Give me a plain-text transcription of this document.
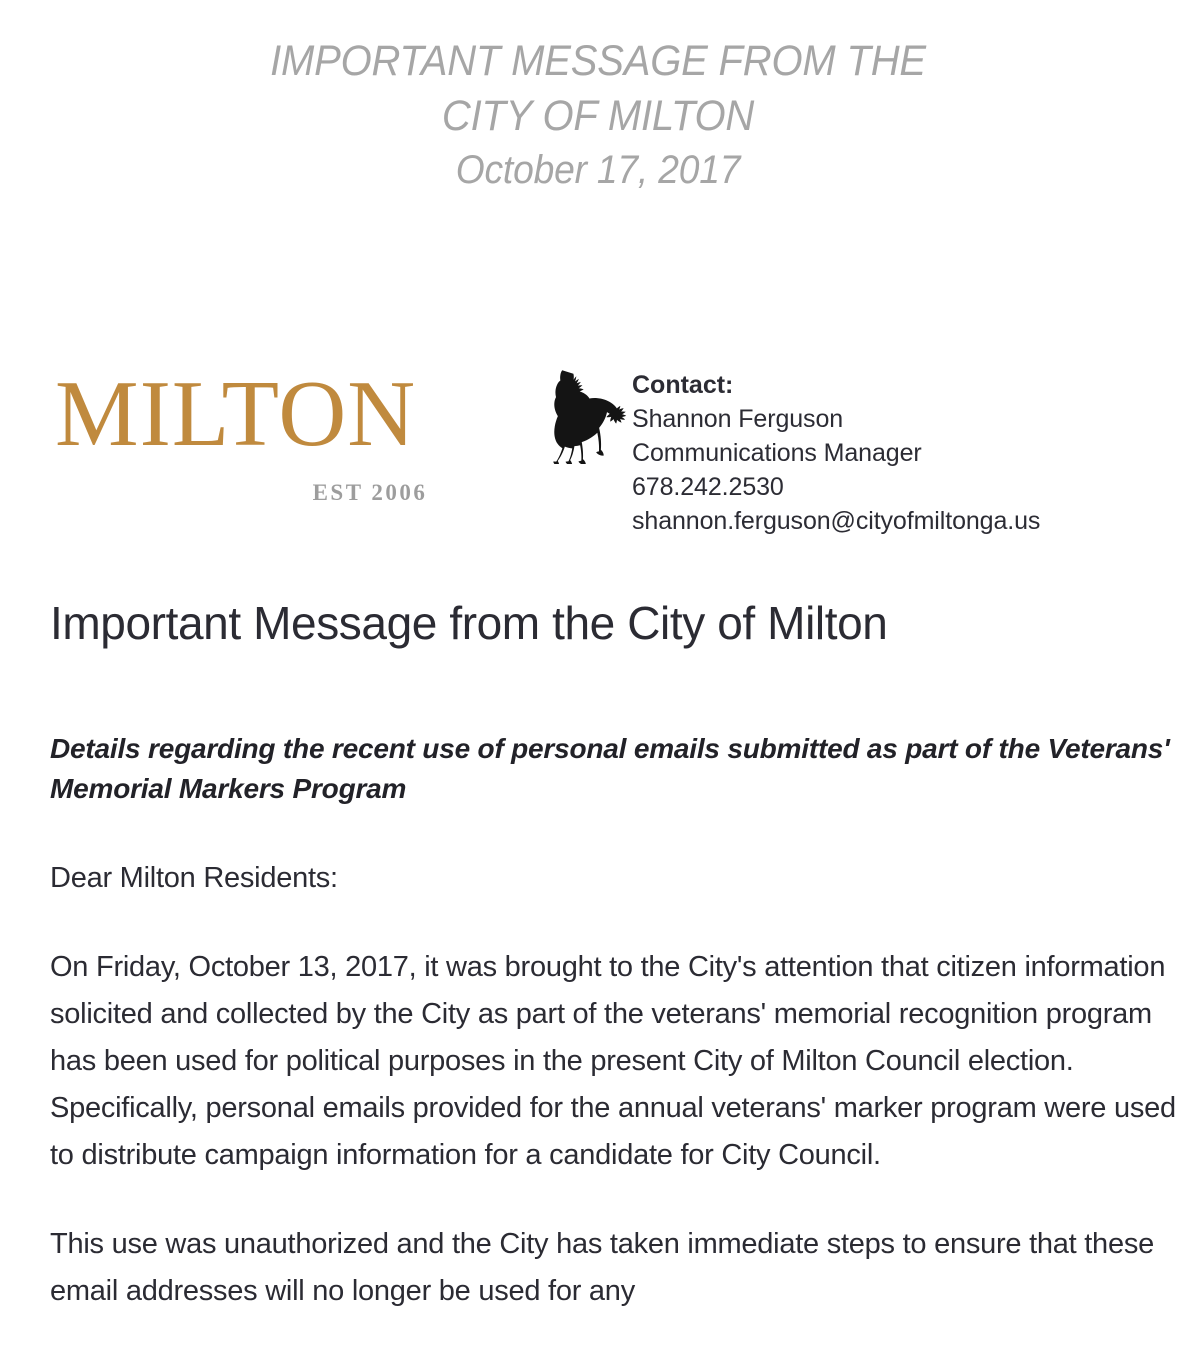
IMPORTANT MESSAGE FROM THE
CITY OF MILTON
October 17, 2017
MILTON
EST 2006
Contact:
Shannon Ferguson
Communications Manager
678.242.2530
shannon.ferguson@cityofmiltonga.us
Important Message from the City of Milton

Details regarding the recent use of personal emails submitted as part of the Veterans' Memorial Markers Program

Dear Milton Residents:

On Friday, October 13, 2017, it was brought to the City's attention that citizen information solicited and collected by the City as part of the veterans' memorial recognition program has been used for political purposes in the present City of Milton Council election. Specifically, personal emails provided for the annual veterans' marker program were used to distribute campaign information for a candidate for City Council.

This use was unauthorized and the City has taken immediate steps to ensure that these email addresses will no longer be used for any
